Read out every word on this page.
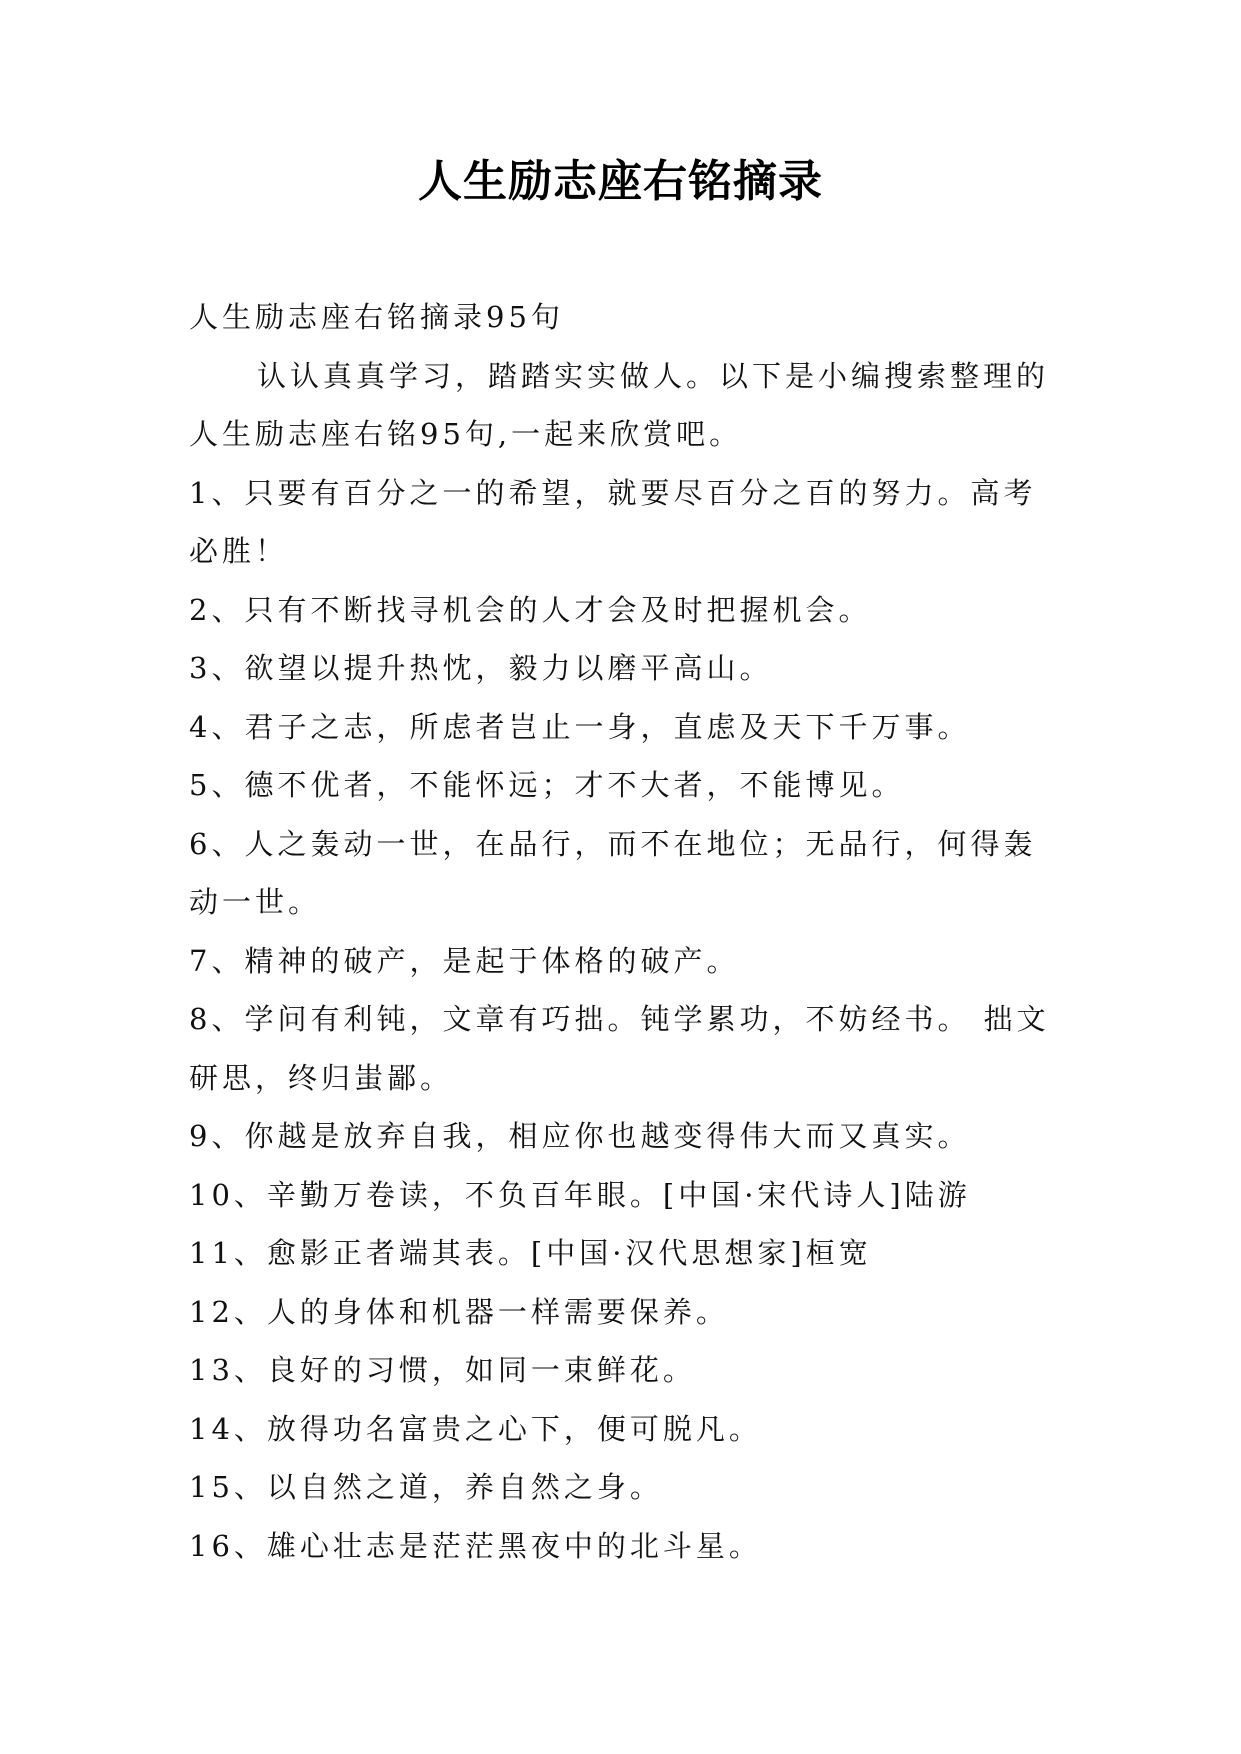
人生励志座右铭摘录
人生励志座右铭摘录95句
认认真真学习，踏踏实实做人。以下是小编搜索整理的
人生励志座右铭95句,一起来欣赏吧。
1、只要有百分之一的希望，就要尽百分之百的努力。高考
必胜！
2、只有不断找寻机会的人才会及时把握机会。
3、欲望以提升热忱，毅力以磨平高山。
4、君子之志，所虑者岂止一身，直虑及天下千万事。
5、德不优者，不能怀远；才不大者，不能博见。
6、人之轰动一世，在品行，而不在地位；无品行，何得轰
动一世。
7、精神的破产，是起于体格的破产。
8、学问有利钝，文章有巧拙。钝学累功，不妨经书。 拙文
研思，终归蚩鄙。
9、你越是放弃自我，相应你也越变得伟大而又真实。
10、辛勤万卷读，不负百年眼。[中国·宋代诗人]陆游
11、愈影正者端其表。[中国·汉代思想家]桓宽
12、人的身体和机器一样需要保养。
13、良好的习惯，如同一束鲜花。
14、放得功名富贵之心下，便可脱凡。
15、以自然之道，养自然之身。
16、雄心壮志是茫茫黑夜中的北斗星。
